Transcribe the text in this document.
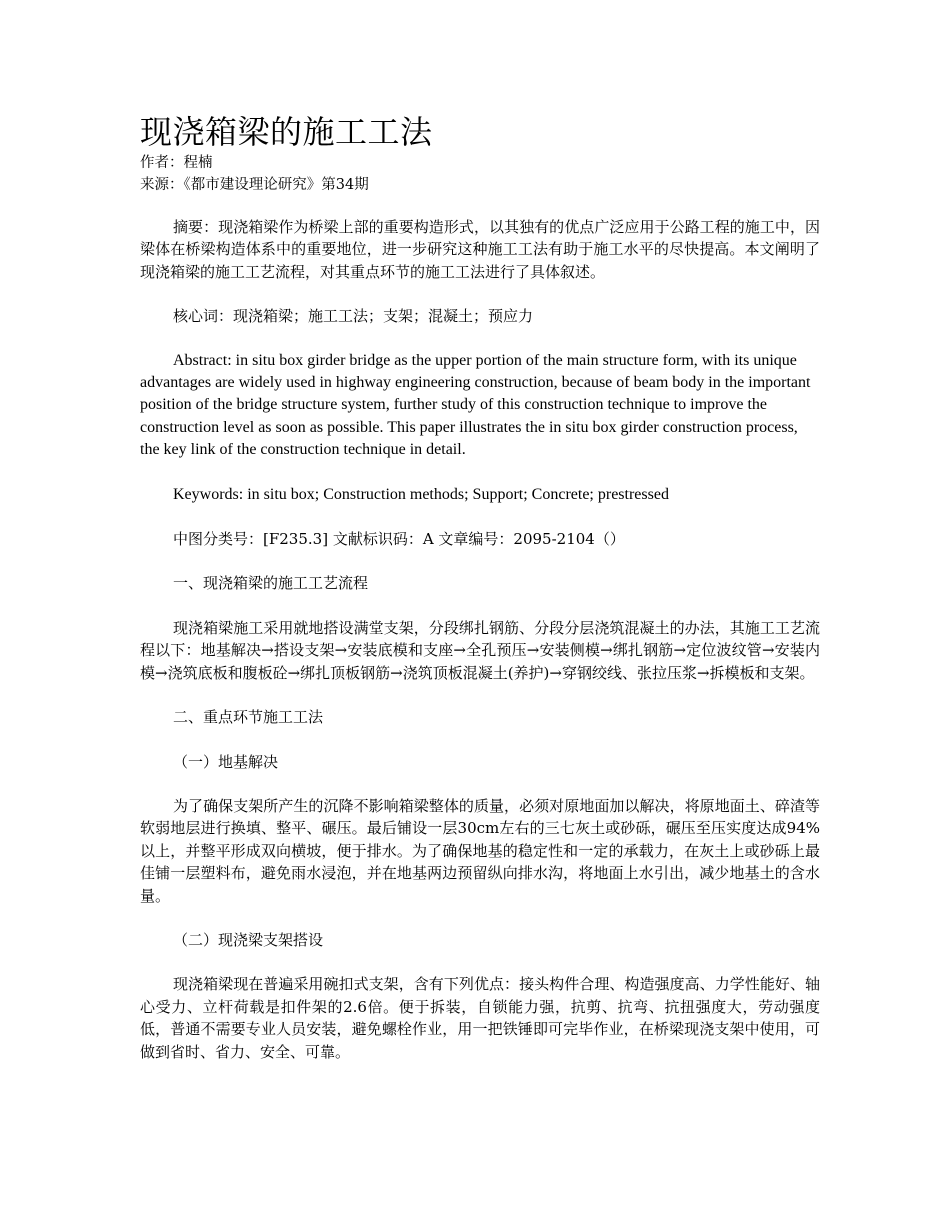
现浇箱梁的施工工法

作者：程楠

来源：《都市建设理论研究》第34期

摘要：现浇箱梁作为桥梁上部的重要构造形式，以其独有的优点广泛应用于公路工程的施工中，因梁体在桥梁构造体系中的重要地位，进一步研究这种施工工法有助于施工水平的尽快提高。本文阐明了现浇箱梁的施工工艺流程，对其重点环节的施工工法进行了具体叙述。

核心词：现浇箱梁；施工工法；支架；混凝土；预应力

Abstract: in situ box girder bridge as the upper portion of the main structure form, with its unique advantages are widely used in highway engineering construction, because of beam body in the important position of the bridge structure system, further study of this construction technique to improve the construction level as soon as possible. This paper illustrates the in situ box girder construction process, the key link of the construction technique in detail.

Keywords: in situ box; Construction methods; Support; Concrete; prestressed

中图分类号：[F235.3] 文献标识码：A 文章编号：2095-2104（）

一、现浇箱梁的施工工艺流程

现浇箱梁施工采用就地搭设满堂支架，分段绑扎钢筋、分段分层浇筑混凝土的办法，其施工工艺流程以下：地基解决→搭设支架→安装底模和支座→全孔预压→安装侧模→绑扎钢筋→定位波纹管→安装内模→浇筑底板和腹板砼→绑扎顶板钢筋→浇筑顶板混凝土(养护)→穿钢绞线、张拉压浆→拆模板和支架。

二、重点环节施工工法

（一）地基解决

为了确保支架所产生的沉降不影响箱梁整体的质量，必须对原地面加以解决，将原地面土、碎渣等软弱地层进行换填、整平、碾压。最后铺设一层30cm左右的三七灰土或砂砾，碾压至压实度达成94%以上，并整平形成双向横坡，便于排水。为了确保地基的稳定性和一定的承载力，在灰土上或砂砾上最佳铺一层塑料布，避免雨水浸泡，并在地基两边预留纵向排水沟，将地面上水引出，减少地基土的含水量。

（二）现浇梁支架搭设

现浇箱梁现在普遍采用碗扣式支架，含有下列优点：接头构件合理、构造强度高、力学性能好、轴心受力、立杆荷载是扣件架的2.6倍。便于拆装，自锁能力强，抗剪、抗弯、抗扭强度大，劳动强度低，普通不需要专业人员安装，避免螺栓作业，用一把铁锤即可完毕作业，在桥梁现浇支架中使用，可做到省时、省力、安全、可靠。
